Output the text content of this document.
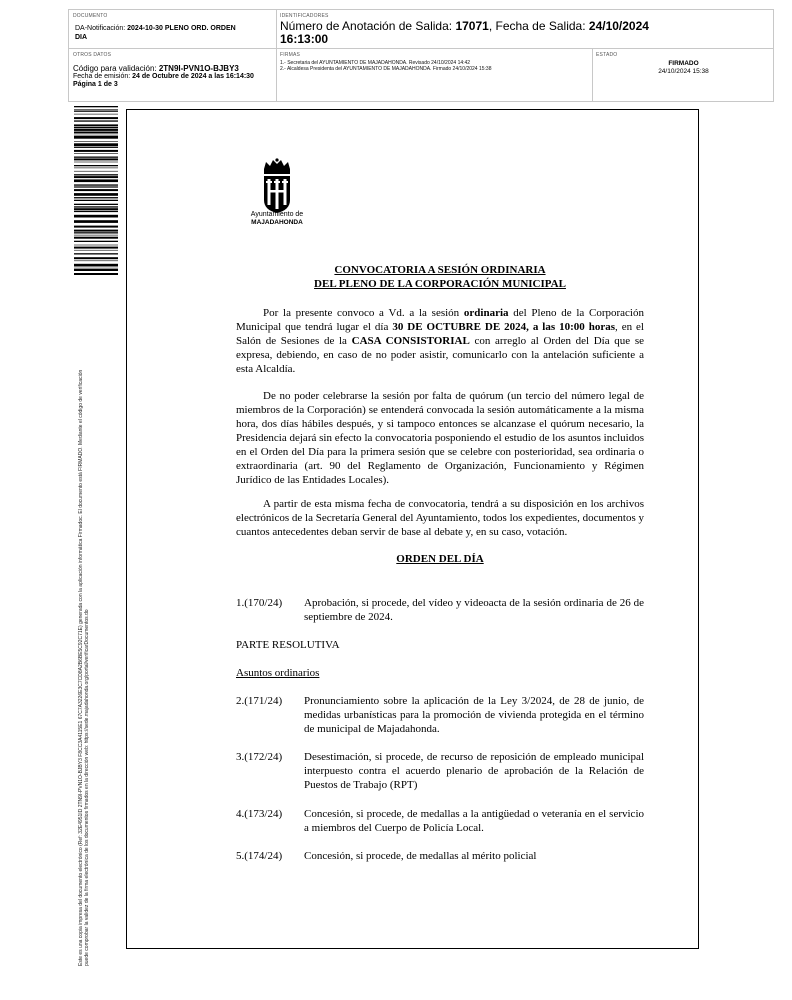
DOCUMENTO
DA-Notificación: 2024-10-30 PLENO ORD. ORDEN
DIA
IDENTIFICADORES
Número de Anotación de Salida: 17071, Fecha de Salida: 24/10/2024
16:13:00
OTROS DATOS
Código para validación: 2TN9I-PVN1O-BJBY3
Fecha de emisión: 24 de Octubre de 2024 a las 16:14:30
Página 1 de 3
FIRMAS
1.- Secretaria del AYUNTAMIENTO DE MAJADAHONDA. Revisado 24/10/2024 14:42
2.- Alcaldesa Presidenta del AYUNTAMIENTO DE MAJADAHONDA. Firmado 24/10/2024 15:38
ESTADO
FIRMADO
24/10/2024 15:38
Este es una copia impresa del documento electrónico (Ref: 32E4951ID 2TN9I-PVN1O-BJBY3 F8CC3A4115E1 67C7A3226E3C7CD8A2B6BE5C92C71E) generada con la aplicación informática Firmadoc. El documento está FIRMADO. Mediante el código de verificación puede comprobar la validez de la firma electrónica de los documentos firmados en la dirección web: https://sede.majadahonda.org/portal/verificarDocumentos.do
Ayuntamiento de
MAJADAHONDA
CONVOCATORIA A SESIÓN ORDINARIA
DEL PLENO DE LA CORPORACIÓN MUNICIPAL
Por la presente convoco a Vd. a la sesión ordinaria del Pleno de la Corporación Municipal que tendrá lugar el día 30 DE OCTUBRE DE 2024, a las 10:00 horas, en el Salón de Sesiones de la CASA CONSISTORIAL con arreglo al Orden del Día que se expresa, debiendo, en caso de no poder asistir, comunicarlo con la antelación suficiente a esta Alcaldía.
De no poder celebrarse la sesión por falta de quórum (un tercio del número legal de miembros de la Corporación) se entenderá convocada la sesión automáticamente a la misma hora, dos días hábiles después, y si tampoco entonces se alcanzase el quórum necesario, la Presidencia dejará sin efecto la convocatoria posponiendo el estudio de los asuntos incluidos en el Orden del Día para la primera sesión que se celebre con posterioridad, sea ordinaria o extraordinaria (art. 90 del Reglamento de Organización, Funcionamiento y Régimen Jurídico de las Entidades Locales).
A partir de esta misma fecha de convocatoria, tendrá a su disposición en los archivos electrónicos de la Secretaría General del Ayuntamiento, todos los expedientes, documentos y cuantos antecedentes deban servir de base al debate y, en su caso, votación.
ORDEN DEL DÍA
1.(170/24)	Aprobación, si procede, del vídeo y videoacta de la sesión ordinaria de 26 de septiembre de 2024.
PARTE RESOLUTIVA
Asuntos ordinarios
2.(171/24)	Pronunciamiento sobre la aplicación de la Ley 3/2024, de 28 de junio, de medidas urbanísticas para la promoción de vivienda protegida en el término de municipal de Majadahonda.
3.(172/24)	Desestimación, si procede, de recurso de reposición de empleado municipal interpuesto contra el acuerdo plenario de aprobación de la Relación de Puestos de Trabajo (RPT)
4.(173/24)	Concesión, si procede, de medallas a la antigüedad o veteranía en el servicio a miembros del Cuerpo de Policía Local.
5.(174/24)	Concesión, si procede, de medallas al mérito policial
